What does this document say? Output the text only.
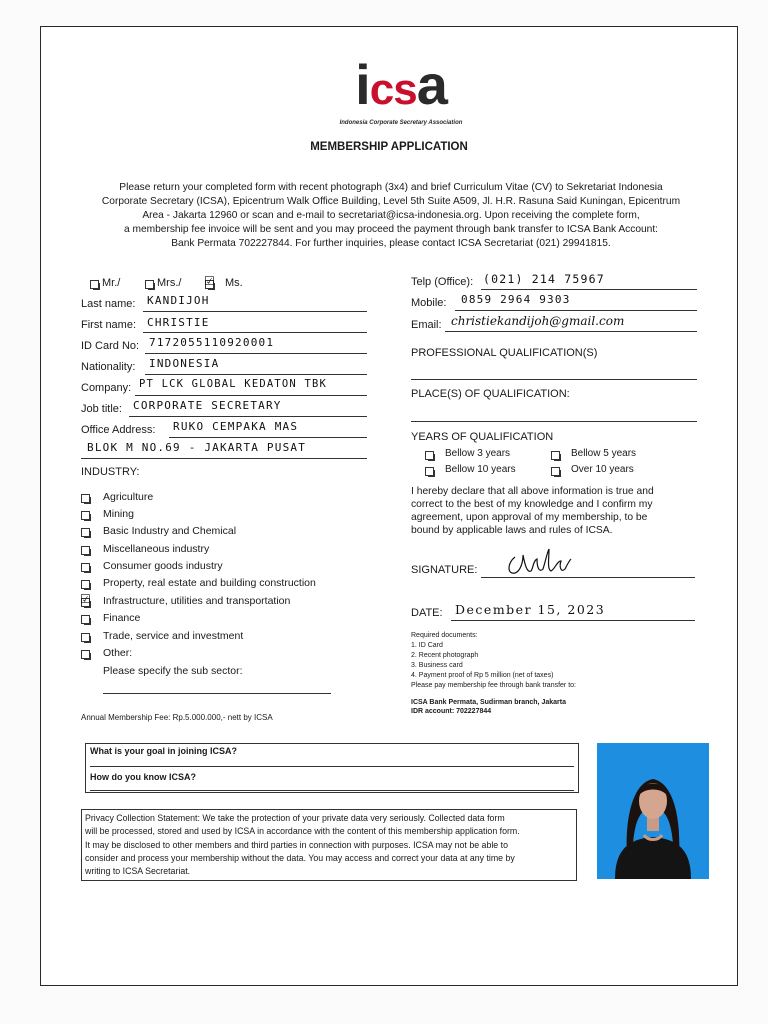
icsa
Indonesia Corporate Secretary Association
MEMBERSHIP APPLICATION
Please return your completed form with recent photograph (3x4) and brief Curriculum Vitae (CV) to Sekretariat Indonesia
Corporate Secretary (ICSA), Epicentrum Walk Office Building, Level 5th Suite A509, Jl. H.R. Rasuna Said Kuningan, Epicentrum
Area - Jakarta 12960 or scan and e-mail to secretariat@icsa-indonesia.org. Upon receiving the complete form,
a membership fee invoice will be sent and you may proceed the payment through bank transfer to ICSA Bank Account:
Bank Permata 702227844. For further inquiries, please contact ICSA Secretariat (021) 29941815.
Mr./	Mrs./ ☑ Ms.
Last name: KANDIJOH
First name: CHRISTIE
ID Card No: 7172055110920001
Nationality: INDONESIA
Company: PT LCK GLOBAL KEDATON TBK
Job title: CORPORATE SECRETARY
Office Address: RUKO CEMPAKA MAS
BLOK M NO.69 - JAKARTA PUSAT
INDUSTRY:
Agriculture
Mining
Basic Industry and Chemical
Miscellaneous industry
Consumer goods industry
Property, real estate and building construction
☑ Infrastructure, utilities and transportation
Finance
Trade, service and investment
Other:
Please specify the sub sector:
Annual Membership Fee: Rp.5.000.000,- nett by ICSA
Telp (Office): (021) 214 75967
Mobile: 0859 2964 9303
Email: christiekandijoh@gmail.com
PROFESSIONAL QUALIFICATION(S)
PLACE(S) OF QUALIFICATION:
YEARS OF QUALIFICATION
Bellow 3 years	Bellow 5 years
Bellow 10 years	Over 10 years
I hereby declare that all above information is true and
correct to the best of my knowledge and I confirm my
agreement, upon approval of my membership, to be
bound by applicable laws and rules of ICSA.
SIGNATURE:
DATE: December 15, 2023
Required documents:
1. ID Card
2. Recent photograph
3. Business card
4. Payment proof of Rp 5 million (net of taxes)
Please pay membership fee through bank transfer to:
ICSA Bank Permata, Sudirman branch, Jakarta
IDR account: 702227844
What is your goal in joining ICSA?
How do you know ICSA?
Privacy Collection Statement: We take the protection of your private data very seriously. Collected data form
will be processed, stored and used by ICSA in accordance with the content of this membership application form.
It may be disclosed to other members and third parties in connection with purposes. ICSA may not be able to
consider and process your membership without the data. You may access and correct your data at any time by
writing to ICSA Secretariat.
